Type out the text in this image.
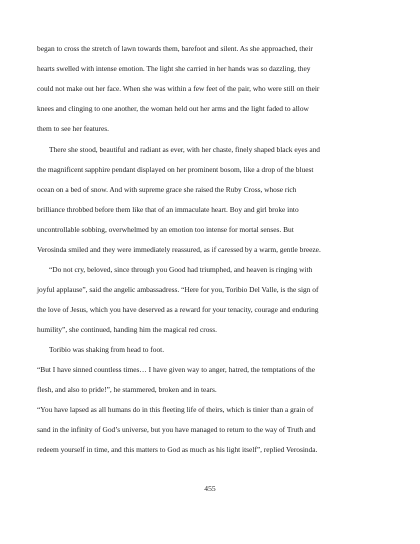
began to cross the stretch of lawn towards them, barefoot and silent. As she approached, their
hearts swelled with intense emotion. The light she carried in her hands was so dazzling, they
could not make out her face. When she was within a few feet of the pair, who were still on their
knees and clinging to one another, the woman held out her arms and the light faded to allow
them to see her features.
There she stood, beautiful and radiant as ever, with her chaste, finely shaped black eyes and
the magnificent sapphire pendant displayed on her prominent bosom, like a drop of the bluest
ocean on a bed of snow. And with supreme grace she raised the Ruby Cross, whose rich
brilliance throbbed before them like that of an immaculate heart. Boy and girl broke into
uncontrollable sobbing, overwhelmed by an emotion too intense for mortal senses. But
Verosinda smiled and they were immediately reassured, as if caressed by a warm, gentle breeze.
“Do not cry, beloved, since through you Good had triumphed, and heaven is ringing with
joyful applause”, said the angelic ambassadress. “Here for you, Toribio Del Valle, is the sign of
the love of Jesus, which you have deserved as a reward for your tenacity, courage and enduring
humility”, she continued, handing him the magical red cross.
Toribio was shaking from head to foot.
“But I have sinned countless times… I have given way to anger, hatred, the temptations of the
flesh, and also to pride!”, he stammered, broken and in tears.
“You have lapsed as all humans do in this fleeting life of theirs, which is tinier than a grain of
sand in the infinity of God’s universe, but you have managed to return to the way of Truth and
redeem yourself in time, and this matters to God as much as his light itself”, replied Verosinda.
455
